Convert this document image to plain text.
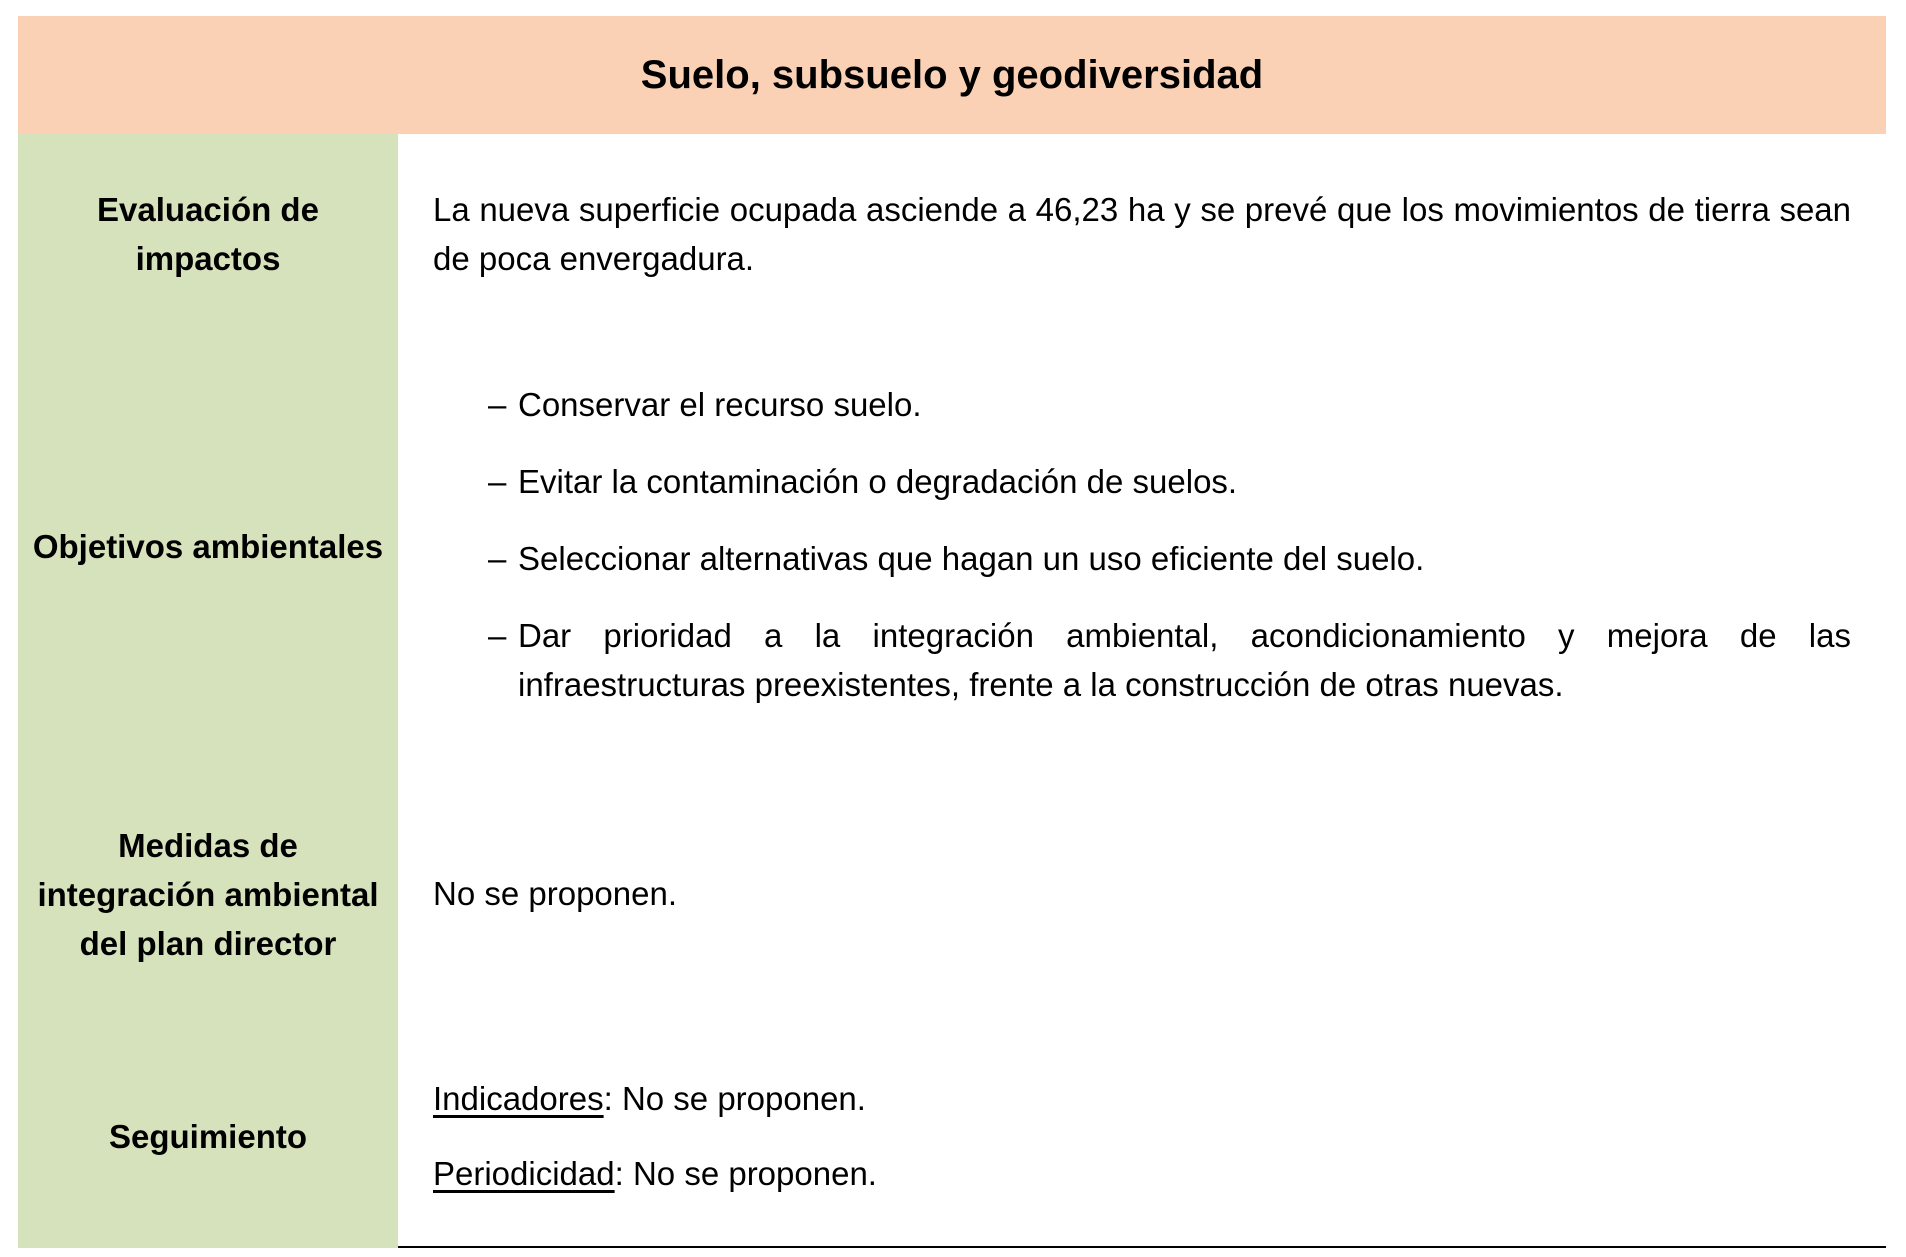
Suelo, subsuelo y geodiversidad
Evaluación de impactos
La nueva superficie ocupada asciende a 46,23 ha y se prevé que los movimientos de tierra sean de poca envergadura.
Objetivos ambientales
– Conservar el recurso suelo.
– Evitar la contaminación o degradación de suelos.
– Seleccionar alternativas que hagan un uso eficiente del suelo.
– Dar prioridad a la integración ambiental, acondicionamiento y mejora de las infraestructuras preexistentes, frente a la construcción de otras nuevas.
Medidas de integración ambiental del plan director
No se proponen.
Seguimiento
Indicadores: No se proponen.
Periodicidad: No se proponen.
